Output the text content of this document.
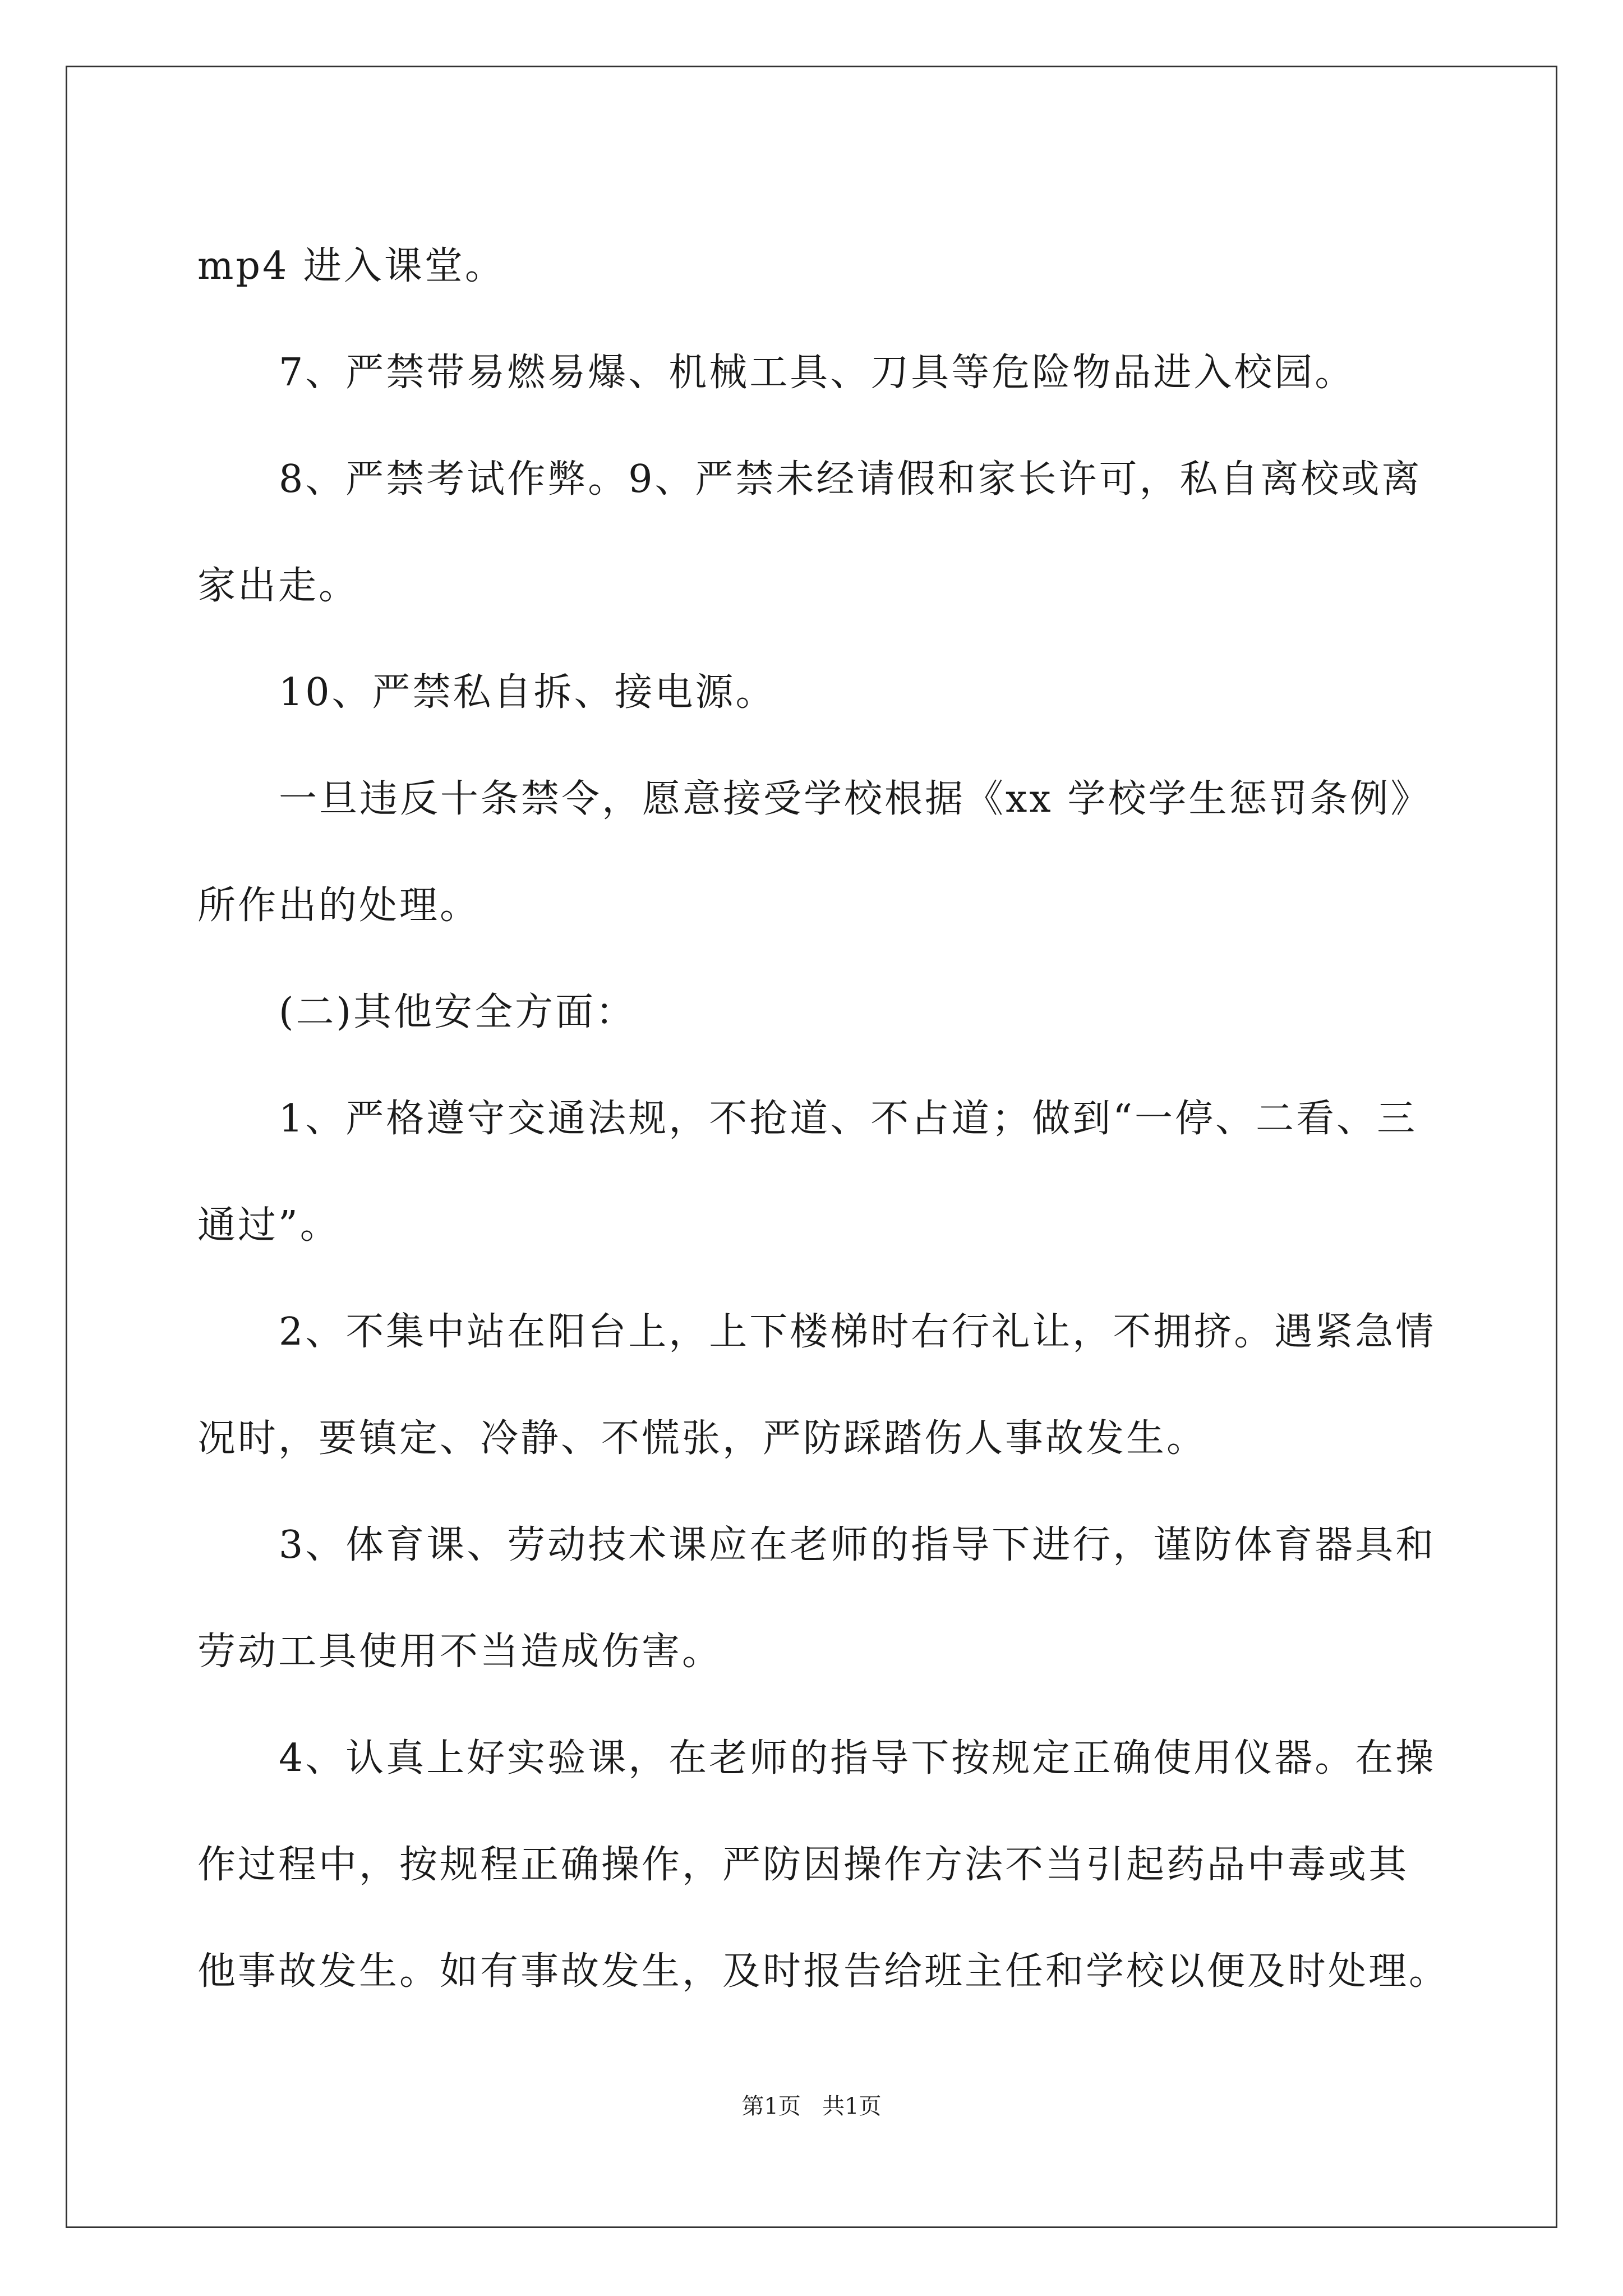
mp4 进入课堂。

7、严禁带易燃易爆、机械工具、刀具等危险物品进入校园。

8、严禁考试作弊。9、严禁未经请假和家长许可，私自离校或离

家出走。

10、严禁私自拆、接电源。

一旦违反十条禁令，愿意接受学校根据《xx 学校学生惩罚条例》

所作出的处理。

(二)其他安全方面：

1、严格遵守交通法规，不抢道、不占道；做到“一停、二看、三

通过”。

2、不集中站在阳台上，上下楼梯时右行礼让，不拥挤。遇紧急情

况时，要镇定、冷静、不慌张，严防踩踏伤人事故发生。

3、体育课、劳动技术课应在老师的指导下进行，谨防体育器具和

劳动工具使用不当造成伤害。

4、认真上好实验课，在老师的指导下按规定正确使用仪器。在操

作过程中，按规程正确操作，严防因操作方法不当引起药品中毒或其

他事故发生。如有事故发生，及时报告给班主任和学校以便及时处理。

第1页 共1页
